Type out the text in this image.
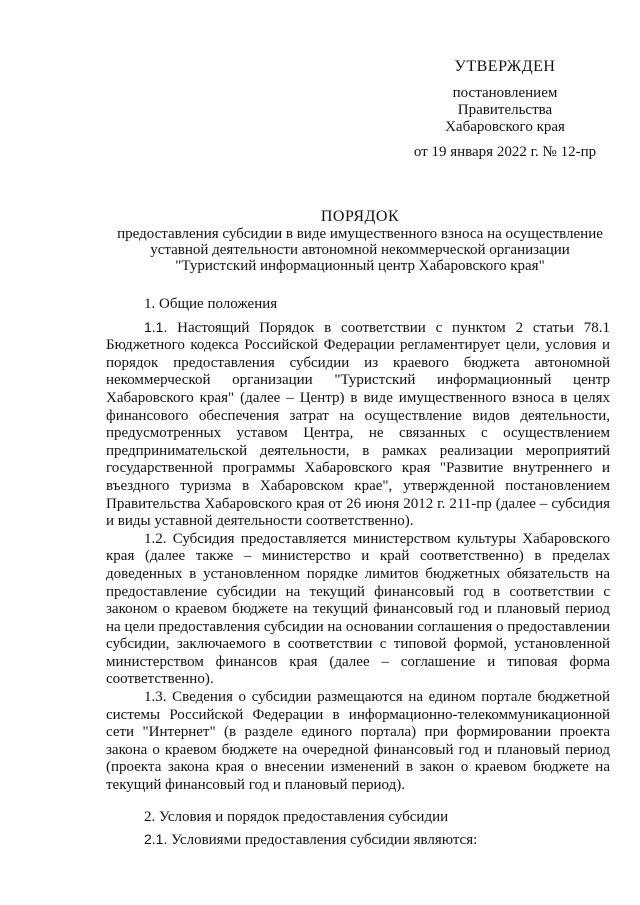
УТВЕРЖДЕН
постановлением
Правительства
Хабаровского края
от 19 января 2022 г. № 12-пр
ПОРЯДОК
предоставления субсидии в виде имущественного взноса на осуществление
уставной деятельности автономной некоммерческой организации
"Туристский информационный центр Хабаровского края"

1. Общие положения

1.1. Настоящий Порядок в соответствии с пунктом 2 статьи 78.1 Бюджетного кодекса Российской Федерации регламентирует цели, условия и порядок предоставления субсидии из краевого бюджета автономной некоммерческой организации "Туристский информационный центр Хабаровского края" (далее – Центр) в виде имущественного взноса в целях финансового обеспечения затрат на осуществление видов деятельности, предусмотренных уставом Центра, не связанных с осуществлением предпринимательской деятельности, в рамках реализации мероприятий государственной программы Хабаровского края "Развитие внутреннего и въездного туризма в Хабаровском крае", утвержденной постановлением Правительства Хабаровского края от 26 июня 2012 г. 211-пр (далее – субсидия и виды уставной деятельности соответственно).

1.2. Субсидия предоставляется министерством культуры Хабаровского края (далее также – министерство и край соответственно) в пределах доведенных в установленном порядке лимитов бюджетных обязательств на предоставление субсидии на текущий финансовый год в соответствии с законом о краевом бюджете на текущий финансовый год и плановый период на цели предоставления субсидии на основании соглашения о предоставлении субсидии, заключаемого в соответствии с типовой формой, установленной министерством финансов края (далее – соглашение и типовая форма соответственно).

1.3. Сведения о субсидии размещаются на едином портале бюджетной системы Российской Федерации в информационно-телекоммуникационной сети "Интернет" (в разделе единого портала) при формировании проекта закона о краевом бюджете на очередной финансовый год и плановый период (проекта закона края о внесении изменений в закон о краевом бюджете на текущий финансовый год и плановый период).

2. Условия и порядок предоставления субсидии

2.1. Условиями предоставления субсидии являются:
